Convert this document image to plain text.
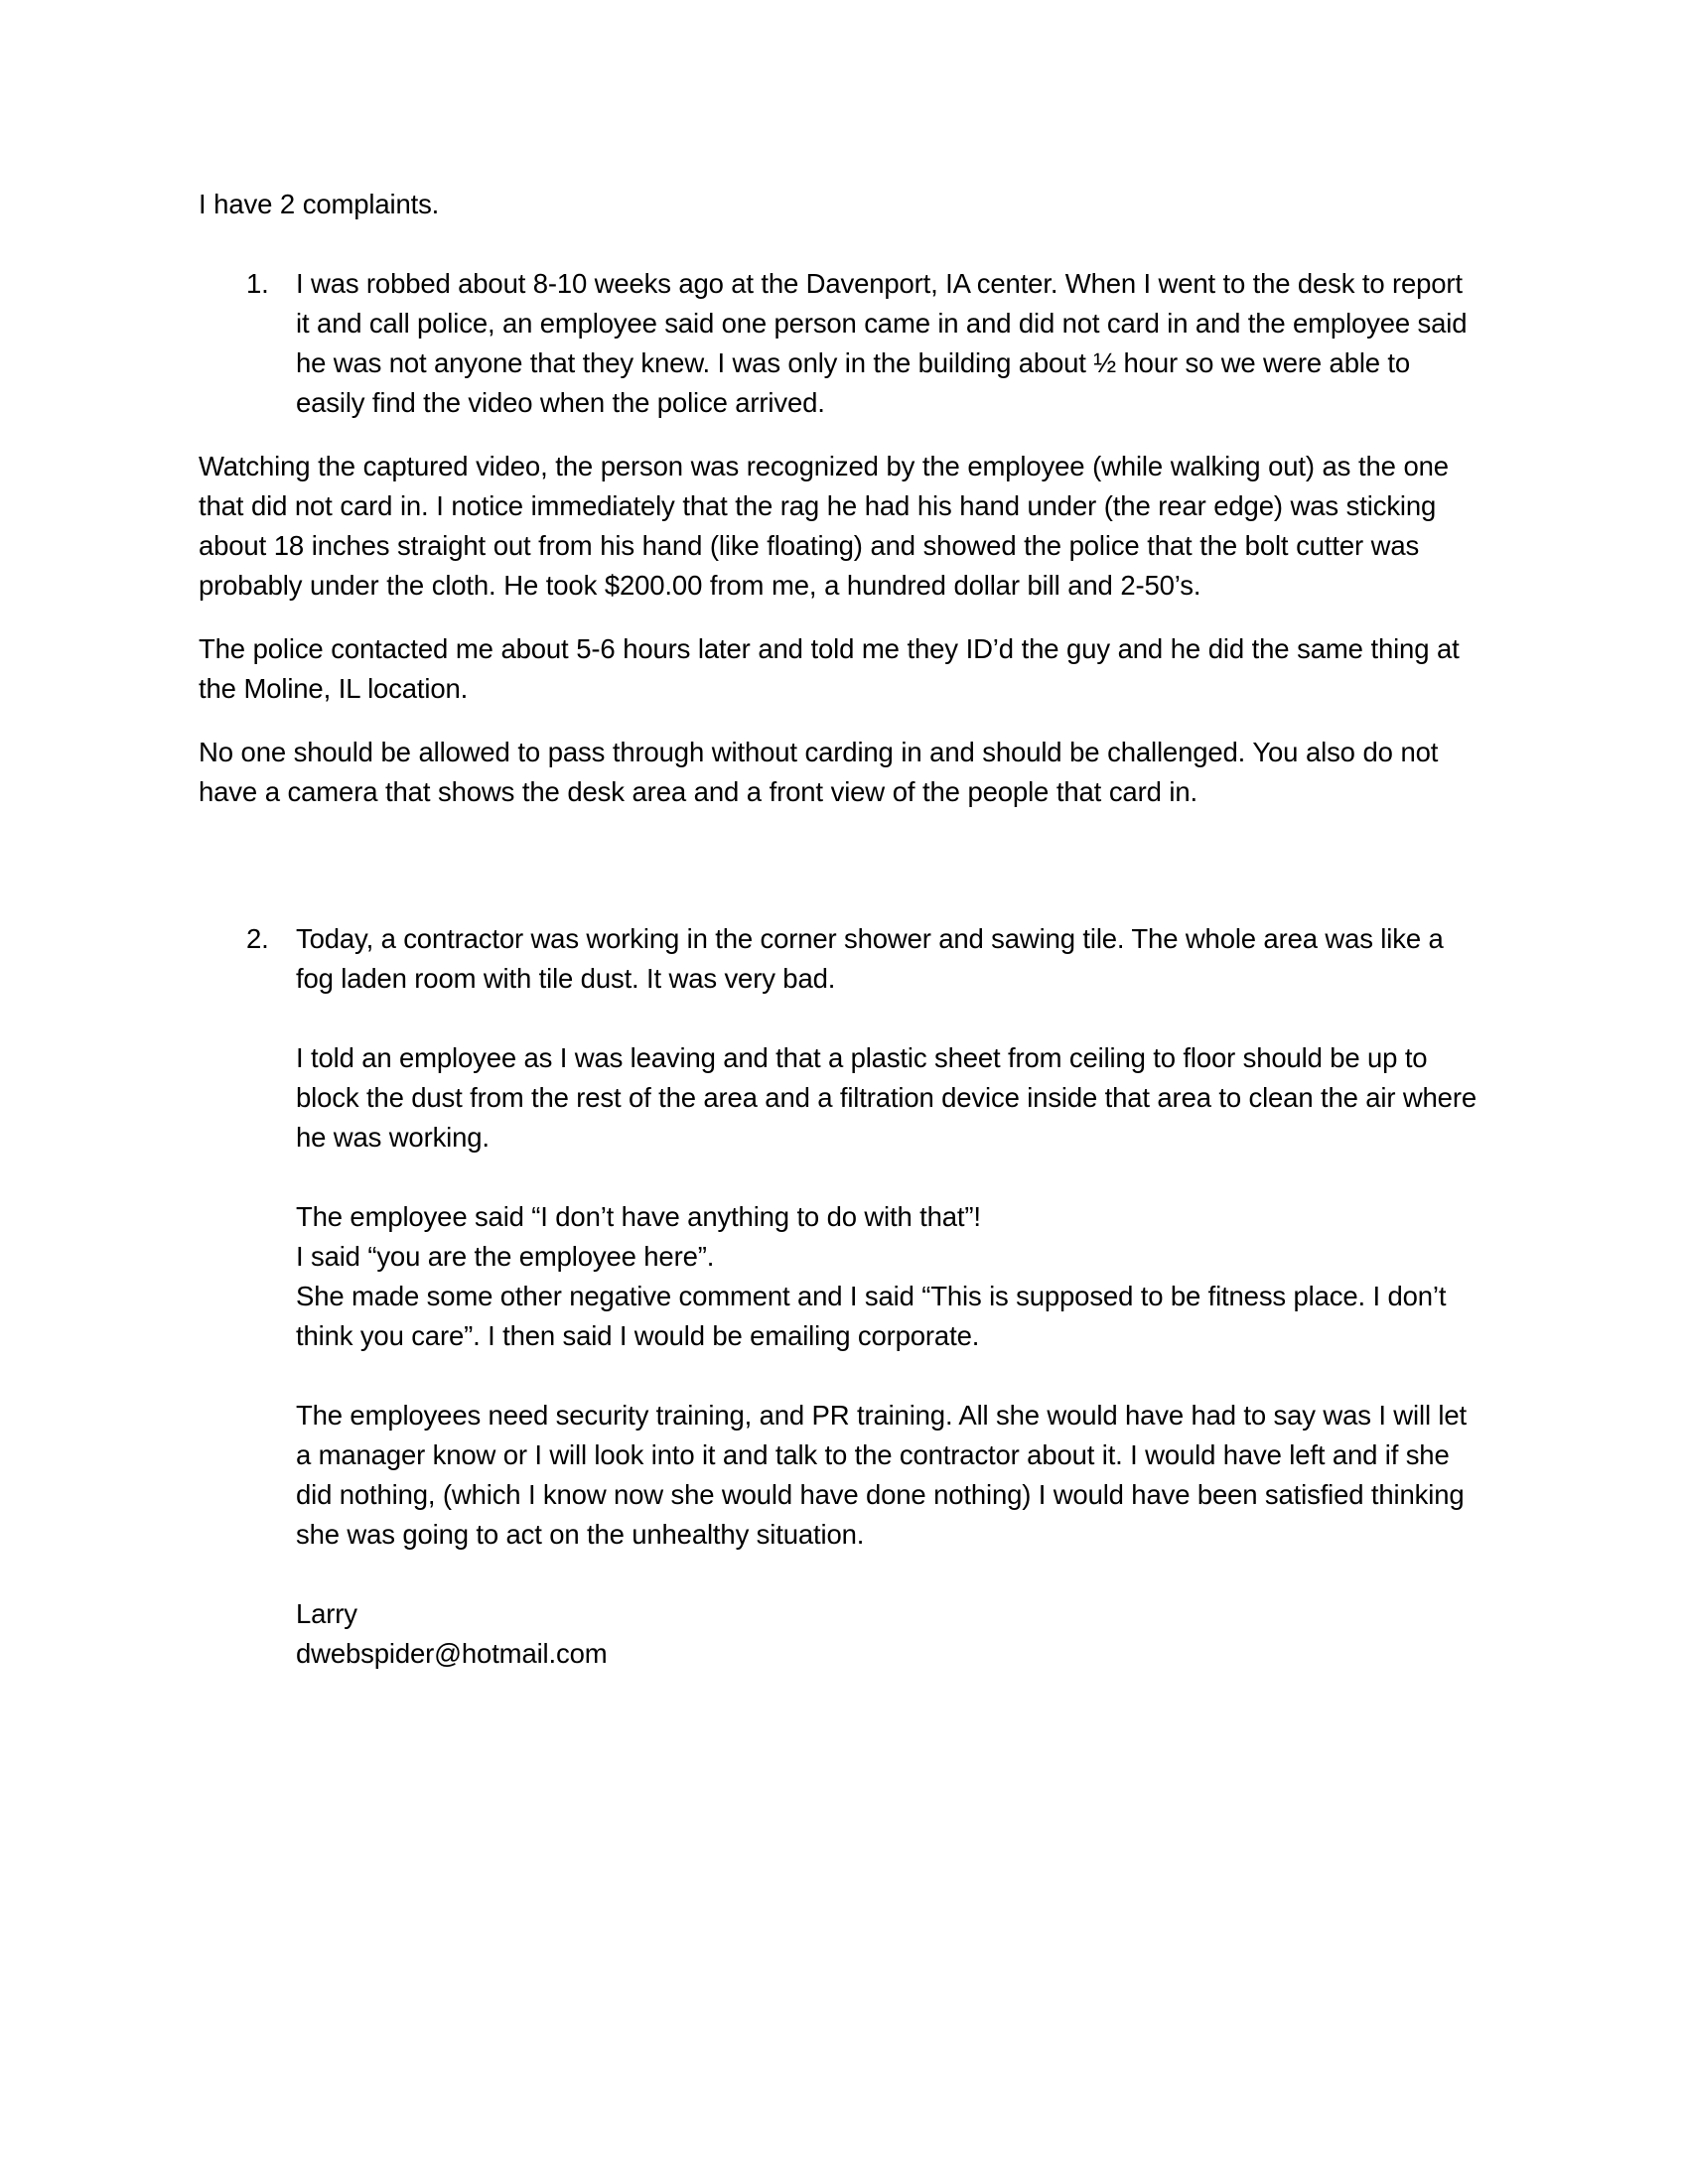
I have 2 complaints.

1. I was robbed about 8-10 weeks ago at the Davenport, IA center. When I went to the desk to report it and call police, an employee said one person came in and did not card in and the employee said he was not anyone that they knew. I was only in the building about ½ hour so we were able to easily find the video when the police arrived.

Watching the captured video, the person was recognized by the employee (while walking out) as the one that did not card in. I notice immediately that the rag he had his hand under (the rear edge) was sticking about 18 inches straight out from his hand (like floating) and showed the police that the bolt cutter was probably under the cloth. He took $200.00 from me, a hundred dollar bill and 2-50’s.

The police contacted me about 5-6 hours later and told me they ID’d the guy and he did the same thing at the Moline, IL location.

No one should be allowed to pass through without carding in and should be challenged. You also do not have a camera that shows the desk area and a front view of the people that card in.

2. Today, a contractor was working in the corner shower and sawing tile. The whole area was like a fog laden room with tile dust. It was very bad.

I told an employee as I was leaving and that a plastic sheet from ceiling to floor should be up to block the dust from the rest of the area and a filtration device inside that area to clean the air where he was working.

The employee said “I don’t have anything to do with that”!
I said “you are the employee here”.
She made some other negative comment and I said “This is supposed to be fitness place. I don’t think you care”. I then said I would be emailing corporate.

The employees need security training, and PR training. All she would have had to say was I will let a manager know or I will look into it and talk to the contractor about it. I would have left and if she did nothing, (which I know now she would have done nothing) I would have been satisfied thinking she was going to act on the unhealthy situation.

Larry
dwebspider@hotmail.com
